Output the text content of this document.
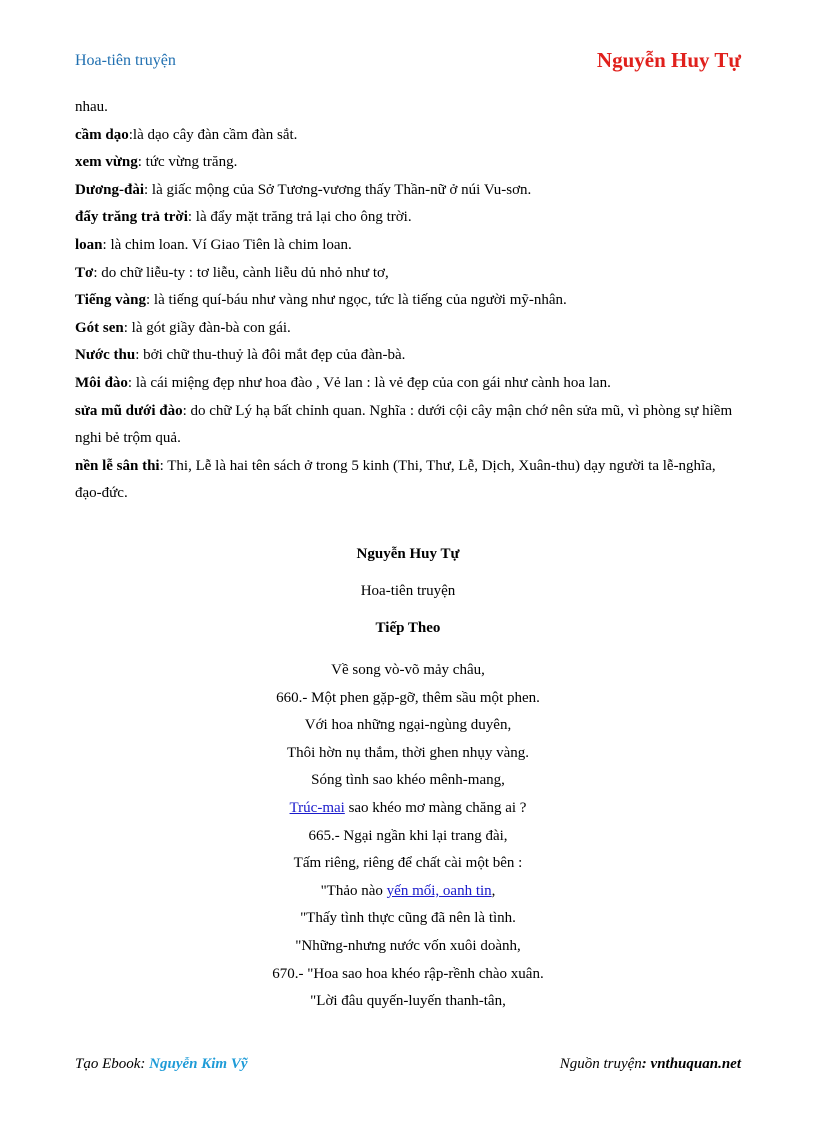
Hoa-tiên truyện	Nguyễn Huy Tự

nhau.

cầm dạo:là dạo cây đàn cầm đàn sắt.

xem vừng: tức vừng trăng.

Dương-đài: là giấc mộng của Sở Tương-vương thấy Thần-nữ ở núi Vu-sơn.

đẩy trăng trả trời: là đẩy mặt trăng trả lại cho ông trời.

loan: là chim loan. Ví Giao Tiên là chim loan.

Tơ: do chữ liễu-ty : tơ liễu, cành liễu dủ nhỏ như tơ,

Tiếng vàng: là tiếng quí-báu như vàng như ngọc, tức là tiếng của người mỹ-nhân.

Gót sen: là gót giầy đàn-bà con gái.

Nước thu: bởi chữ thu-thuỷ là đôi mắt đẹp của đàn-bà.

Môi đào: là cái miệng đẹp như hoa đào , Vẻ lan : là vẻ đẹp của con gái như cành hoa lan.

sửa mũ dưới đào: do chữ Lý hạ bất chỉnh quan. Nghĩa : dưới cội cây mận chớ nên sửa mũ, vì phòng sự hiềm nghi bẻ trộm quả.

nền lễ sân thi: Thi, Lễ là hai tên sách ở trong 5 kinh (Thi, Thư, Lễ, Dịch, Xuân-thu) dạy người ta lễ-nghĩa, đạo-đức.

Nguyễn Huy Tự
Hoa-tiên truyện
Tiếp Theo
Về song vò-võ mảy châu,
660.- Một phen gặp-gỡ, thêm sầu một phen.
Với hoa những ngại-ngùng duyên,
Thôi hờn nụ thắm, thời ghen nhụy vàng.
Sóng tình sao khéo mênh-mang,
Trúc-mai sao khéo mơ màng chăng ai ?
665.- Ngại ngần khi lại trang đài,
Tấm riêng, riêng để chất cài một bên :
"Thảo nào yến mối, oanh tin,
"Thấy tình thực cũng đã nên là tình.
"Những-nhưng nước vốn xuôi doành,
670.- "Hoa sao hoa khéo rập-rềnh chào xuân.
"Lời đâu quyến-luyến thanh-tân,
Tạo Ebook: Nguyễn Kim Vỹ	Nguồn truyện: vnthuquan.net
